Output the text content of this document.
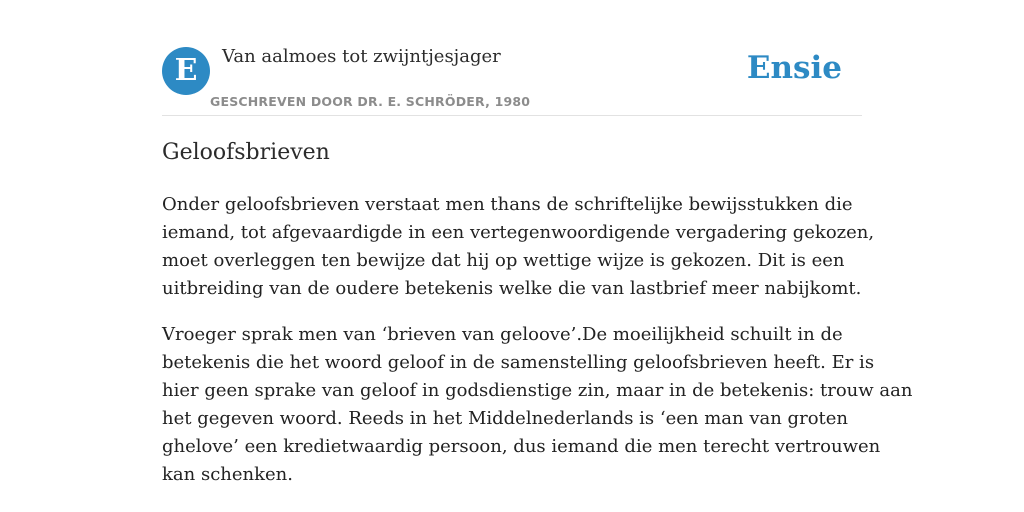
E	Van aalmoes tot zwijntjesjager
GESCHREVEN DOOR DR. E. SCHRÖDER, 1980
Ensie
Geloofsbrieven

Onder geloofsbrieven verstaat men thans de schriftelijke bewijsstukken die
iemand, tot afgevaardigde in een vertegenwoordigende vergadering gekozen,
moet overleggen ten bewijze dat hij op wettige wijze is gekozen. Dit is een
uitbreiding van de oudere betekenis welke die van lastbrief meer nabijkomt.

Vroeger sprak men van ‘brieven van geloove’.De moeilijkheid schuilt in de
betekenis die het woord geloof in de samenstelling geloofsbrieven heeft. Er is
hier geen sprake van geloof in godsdienstige zin, maar in de betekenis: trouw aan
het gegeven woord. Reeds in het Middelnederlands is ‘een man van groten
ghelove’ een kredietwaardig persoon, dus iemand die men terecht vertrouwen
kan schenken.
